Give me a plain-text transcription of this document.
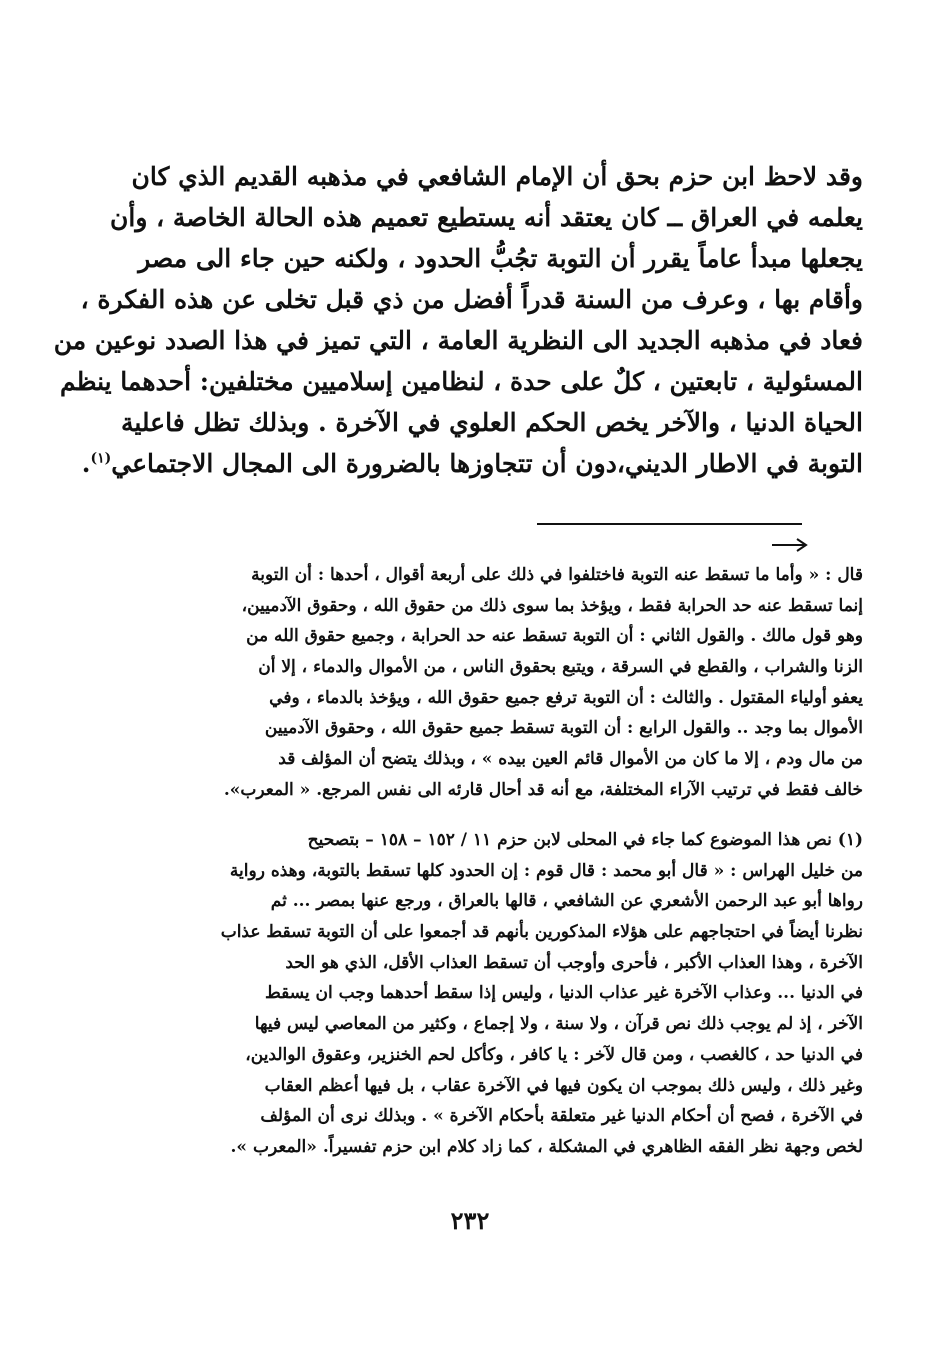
وقد لاحظ ابن حزم بحق أن الإمام الشافعي في مذهبه القديم الذي كان
يعلمه في العراق ــ كان يعتقد أنه يستطيع تعميم هذه الحالة الخاصة ، وأن
يجعلها مبدأ عاماً يقرر أن التوبة تجُبُّ الحدود ، ولكنه حين جاء الى مصر
وأقام بها ، وعرف من السنة قدراً أفضل من ذي قبل تخلى عن هذه الفكرة ،
فعاد في مذهبه الجديد الى النظرية العامة ، التي تميز في هذا الصدد نوعين من
المسئولية ، تابعتين ، كلٌ على حدة ، لنظامين إسلاميين مختلفين: أحدهما ينظم
الحياة الدنيا ، والآخر يخص الحكم العلوي في الآخرة . وبذلك تظل فاعلية
التوبة في الاطار الديني،دون أن تتجاوزها بالضرورة الى المجال الاجتماعي$^{(١)}$.
قال : « وأما ما تسقط عنه التوبة فاختلفوا في ذلك على أربعة أقوال ، أحدها : أن التوبة
إنما تسقط عنه حد الحرابة فقط ، ويؤخذ بما سوى ذلك من حقوق الله ، وحقوق الآدميين،
وهو قول مالك . والقول الثاني : أن التوبة تسقط عنه حد الحرابة ، وجميع حقوق الله من
الزنا والشراب ، والقطع في السرقة ، ويتبع بحقوق الناس ، من الأموال والدماء ، إلا أن
يعفو أولياء المقتول . والثالث : أن التوبة ترفع جميع حقوق الله ، ويؤخذ بالدماء ، وفي
الأموال بما وجد .. والقول الرابع : أن التوبة تسقط جميع حقوق الله ، وحقوق الآدميين
من مال ودم ، إلا ما كان من الأموال قائم العين بيده » ، وبذلك يتضح أن المؤلف قد
خالف فقط في ترتيب الآراء المختلفة، مع أنه قد أحال قارئه الى نفس المرجع. « المعرب».
(١) نص هذا الموضوع كما جاء في المحلى لابن حزم ١١ / ١٥٢ – ١٥٨ – بتصحيح
من خليل الهراس : « قال أبو محمد : قال قوم : إن الحدود كلها تسقط بالتوبة، وهذه رواية
رواها أبو عبد الرحمن الأشعري عن الشافعي ، قالها بالعراق ، ورجع عنها بمصر ... ثم
نظرنا أيضاً في احتجاجهم على هؤلاء المذكورين بأنهم قد أجمعوا على أن التوبة تسقط عذاب
الآخرة ، وهذا العذاب الأكبر ، فأحرى وأوجب أن تسقط العذاب الأقل، الذي هو الحد
في الدنيا ... وعذاب الآخرة غير عذاب الدنيا ، وليس إذا سقط أحدهما وجب ان يسقط
الآخر ، إذ لم يوجب ذلك نص قرآن ، ولا سنة ، ولا إجماع ، وكثير من المعاصي ليس فيها
في الدنيا حد ، كالغصب ، ومن قال لآخر : يا كافر ، وكأكل لحم الخنزير، وعقوق الوالدين،
وغير ذلك ، وليس ذلك بموجب ان يكون فيها في الآخرة عقاب ، بل فيها أعظم العقاب
في الآخرة ، فصح أن أحكام الدنيا غير متعلقة بأحكام الآخرة » . وبذلك نرى أن المؤلف
لخص وجهة نظر الفقه الظاهري في المشكلة ، كما زاد كلام ابن حزم تفسيراً. «المعرب ».
٢٣٢
